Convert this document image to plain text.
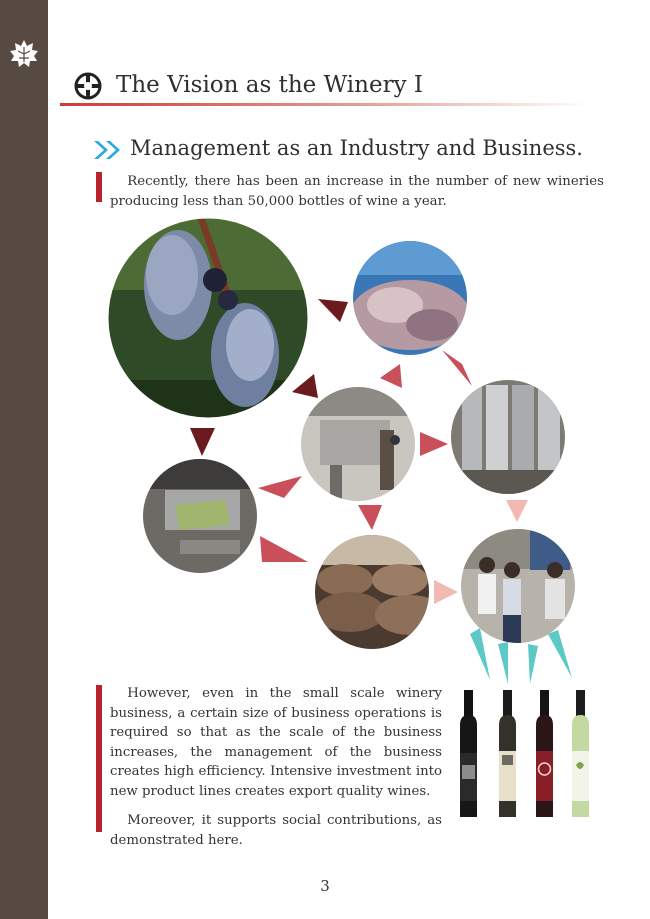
The Vision as the Winery I
Management as an Industry and Business.

Recently, there has been an increase in the number of new wineries producing less than 50,000 bottles of wine a year.

However, even in the small scale winery business, a certain size of business operations is required so that as the scale of the business increases, the management of the business creates high efficiency. Intensive investment into new product lines creates export quality wines.

Moreover, it supports social contributions, as demonstrated here.

3
